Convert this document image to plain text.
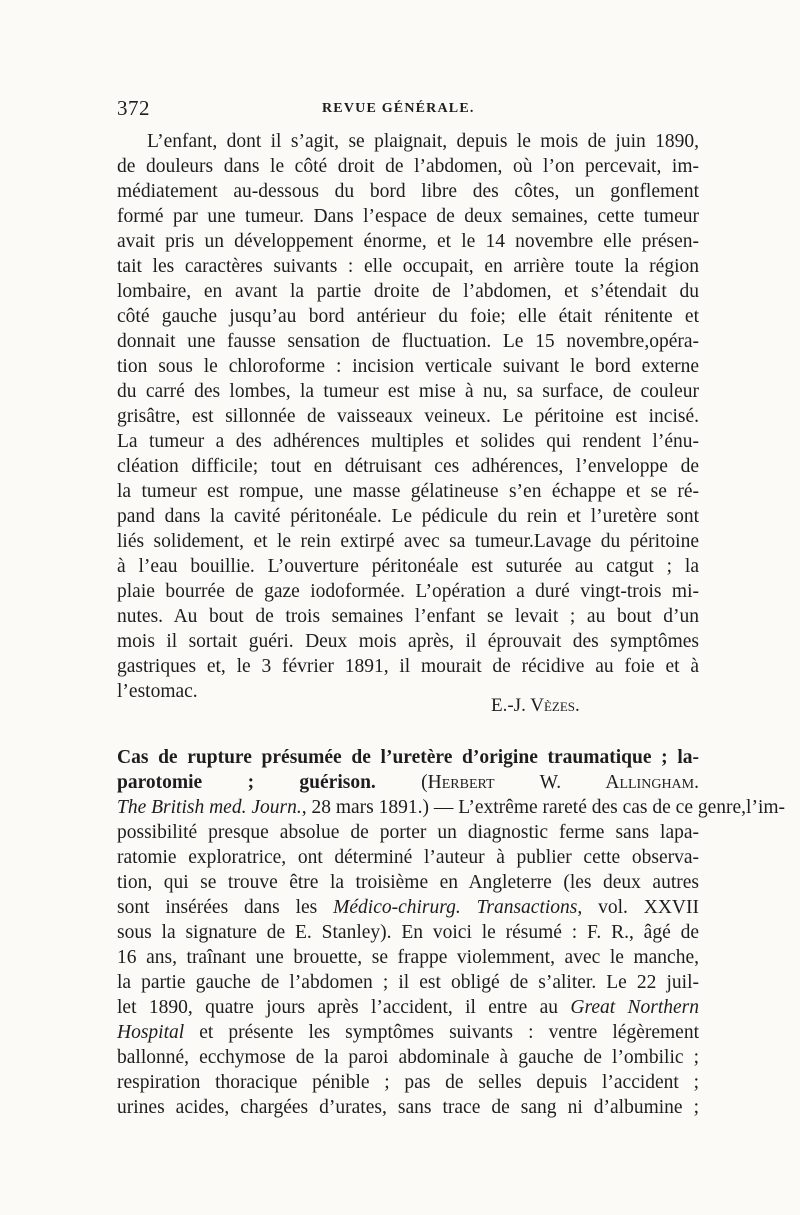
372	REVUE GÉNÉRALE.
L’enfant, dont il s’agit, se plaignait, depuis le mois de juin 1890,
de douleurs dans le côté droit de l’abdomen, où l’on percevait, im-
médiatement au-dessous du bord libre des côtes, un gonflement
formé par une tumeur. Dans l’espace de deux semaines, cette tumeur
avait pris un développement énorme, et le 14 novembre elle présen-
tait les caractères suivants : elle occupait, en arrière toute la région
lombaire, en avant la partie droite de l’abdomen, et s’étendait du
côté gauche jusqu’au bord antérieur du foie; elle était rénitente et
donnait une fausse sensation de fluctuation. Le 15 novembre,opéra-
tion sous le chloroforme : incision verticale suivant le bord externe
du carré des lombes, la tumeur est mise à nu, sa surface, de couleur
grisâtre, est sillonnée de vaisseaux veineux. Le péritoine est incisé.
La tumeur a des adhérences multiples et solides qui rendent l’énu-
cléation difficile; tout en détruisant ces adhérences, l’enveloppe de
la tumeur est rompue, une masse gélatineuse s’en échappe et se ré-
pand dans la cavité péritonéale. Le pédicule du rein et l’uretère sont
liés solidement, et le rein extirpé avec sa tumeur.Lavage du péritoine
à l’eau bouillie. L’ouverture péritonéale est suturée au catgut ; la
plaie bourrée de gaze iodoformée. L’opération a duré vingt-trois mi-
nutes. Au bout de trois semaines l’enfant se levait ; au bout d’un
mois il sortait guéri. Deux mois après, il éprouvait des symptômes
gastriques et, le 3 février 1891, il mourait de récidive au foie et à
l’estomac.
E.-J. Vèzes.
Cas de rupture présumée de l’uretère d’origine traumatique ; la-
parotomie ; guérison. (Herbert W. Allingham.
The British med. Journ., 28 mars 1891.) — L’extrême rareté des cas de ce genre,l’im-
possibilité presque absolue de porter un diagnostic ferme sans lapa-
ratomie exploratrice, ont déterminé l’auteur à publier cette observa-
tion, qui se trouve être la troisième en Angleterre (les deux autres
sont insérées dans les Médico-chirurg. Transactions, vol. XXVII
sous la signature de E. Stanley). En voici le résumé : F. R., âgé de
16 ans, traînant une brouette, se frappe violemment, avec le manche,
la partie gauche de l’abdomen ; il est obligé de s’aliter. Le 22 juil-
let 1890, quatre jours après l’accident, il entre au Great Northern
Hospital et présente les symptômes suivants : ventre légèrement
ballonné, ecchymose de la paroi abdominale à gauche de l’ombilic ;
respiration thoracique pénible ; pas de selles depuis l’accident ;
urines acides, chargées d’urates, sans trace de sang ni d’albumine ;
